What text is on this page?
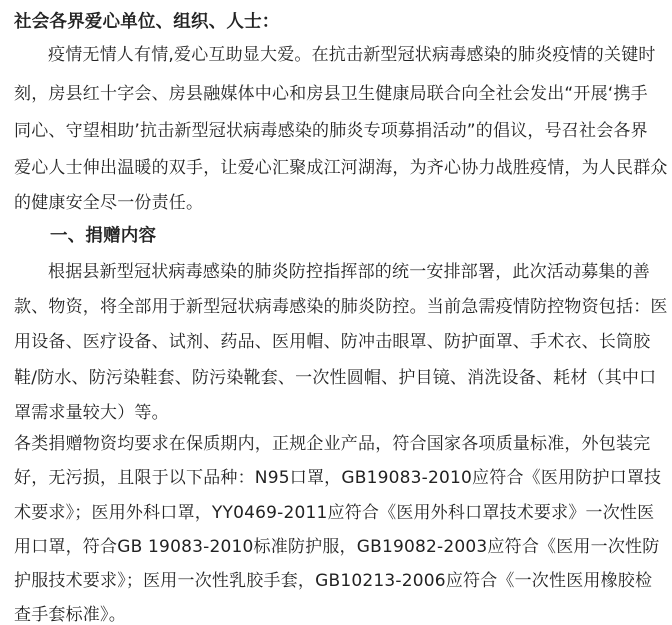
社会各界爱心单位、组织、人士：
疫情无情人有情,爱心互助显大爱。在抗击新型冠状病毒感染的肺炎疫情的关键时
刻，房县红十字会、房县融媒体中心和房县卫生健康局联合向全社会发出“开展‘携手
同心、守望相助’抗击新型冠状病毒感染的肺炎专项募捐活动”的倡议，号召社会各界
爱心人士伸出温暖的双手，让爱心汇聚成江河湖海，为齐心协力战胜疫情，为人民群众
的健康安全尽一份责任。
一、捐赠内容
根据县新型冠状病毒感染的肺炎防控指挥部的统一安排部署，此次活动募集的善
款、物资，将全部用于新型冠状病毒感染的肺炎防控。当前急需疫情防控物资包括：医
用设备、医疗设备、试剂、药品、医用帽、防冲击眼罩、防护面罩、手术衣、长筒胶
鞋/防水、防污染鞋套、防污染靴套、一次性圆帽、护目镜、消洗设备、耗材（其中口
罩需求量较大）等。
各类捐赠物资均要求在保质期内，正规企业产品，符合国家各项质量标准，外包装完
好，无污损，且限于以下品种：N95口罩，GB19083-2010应符合《医用防护口罩技
术要求》；医用外科口罩，YY0469-2011应符合《医用外科口罩技术要求》一次性医
用口罩，符合GB 19083-2010标准防护服，GB19082-2003应符合《医用一次性防
护服技术要求》；医用一次性乳胶手套，GB10213-2006应符合《一次性医用橡胶检
查手套标准》。
